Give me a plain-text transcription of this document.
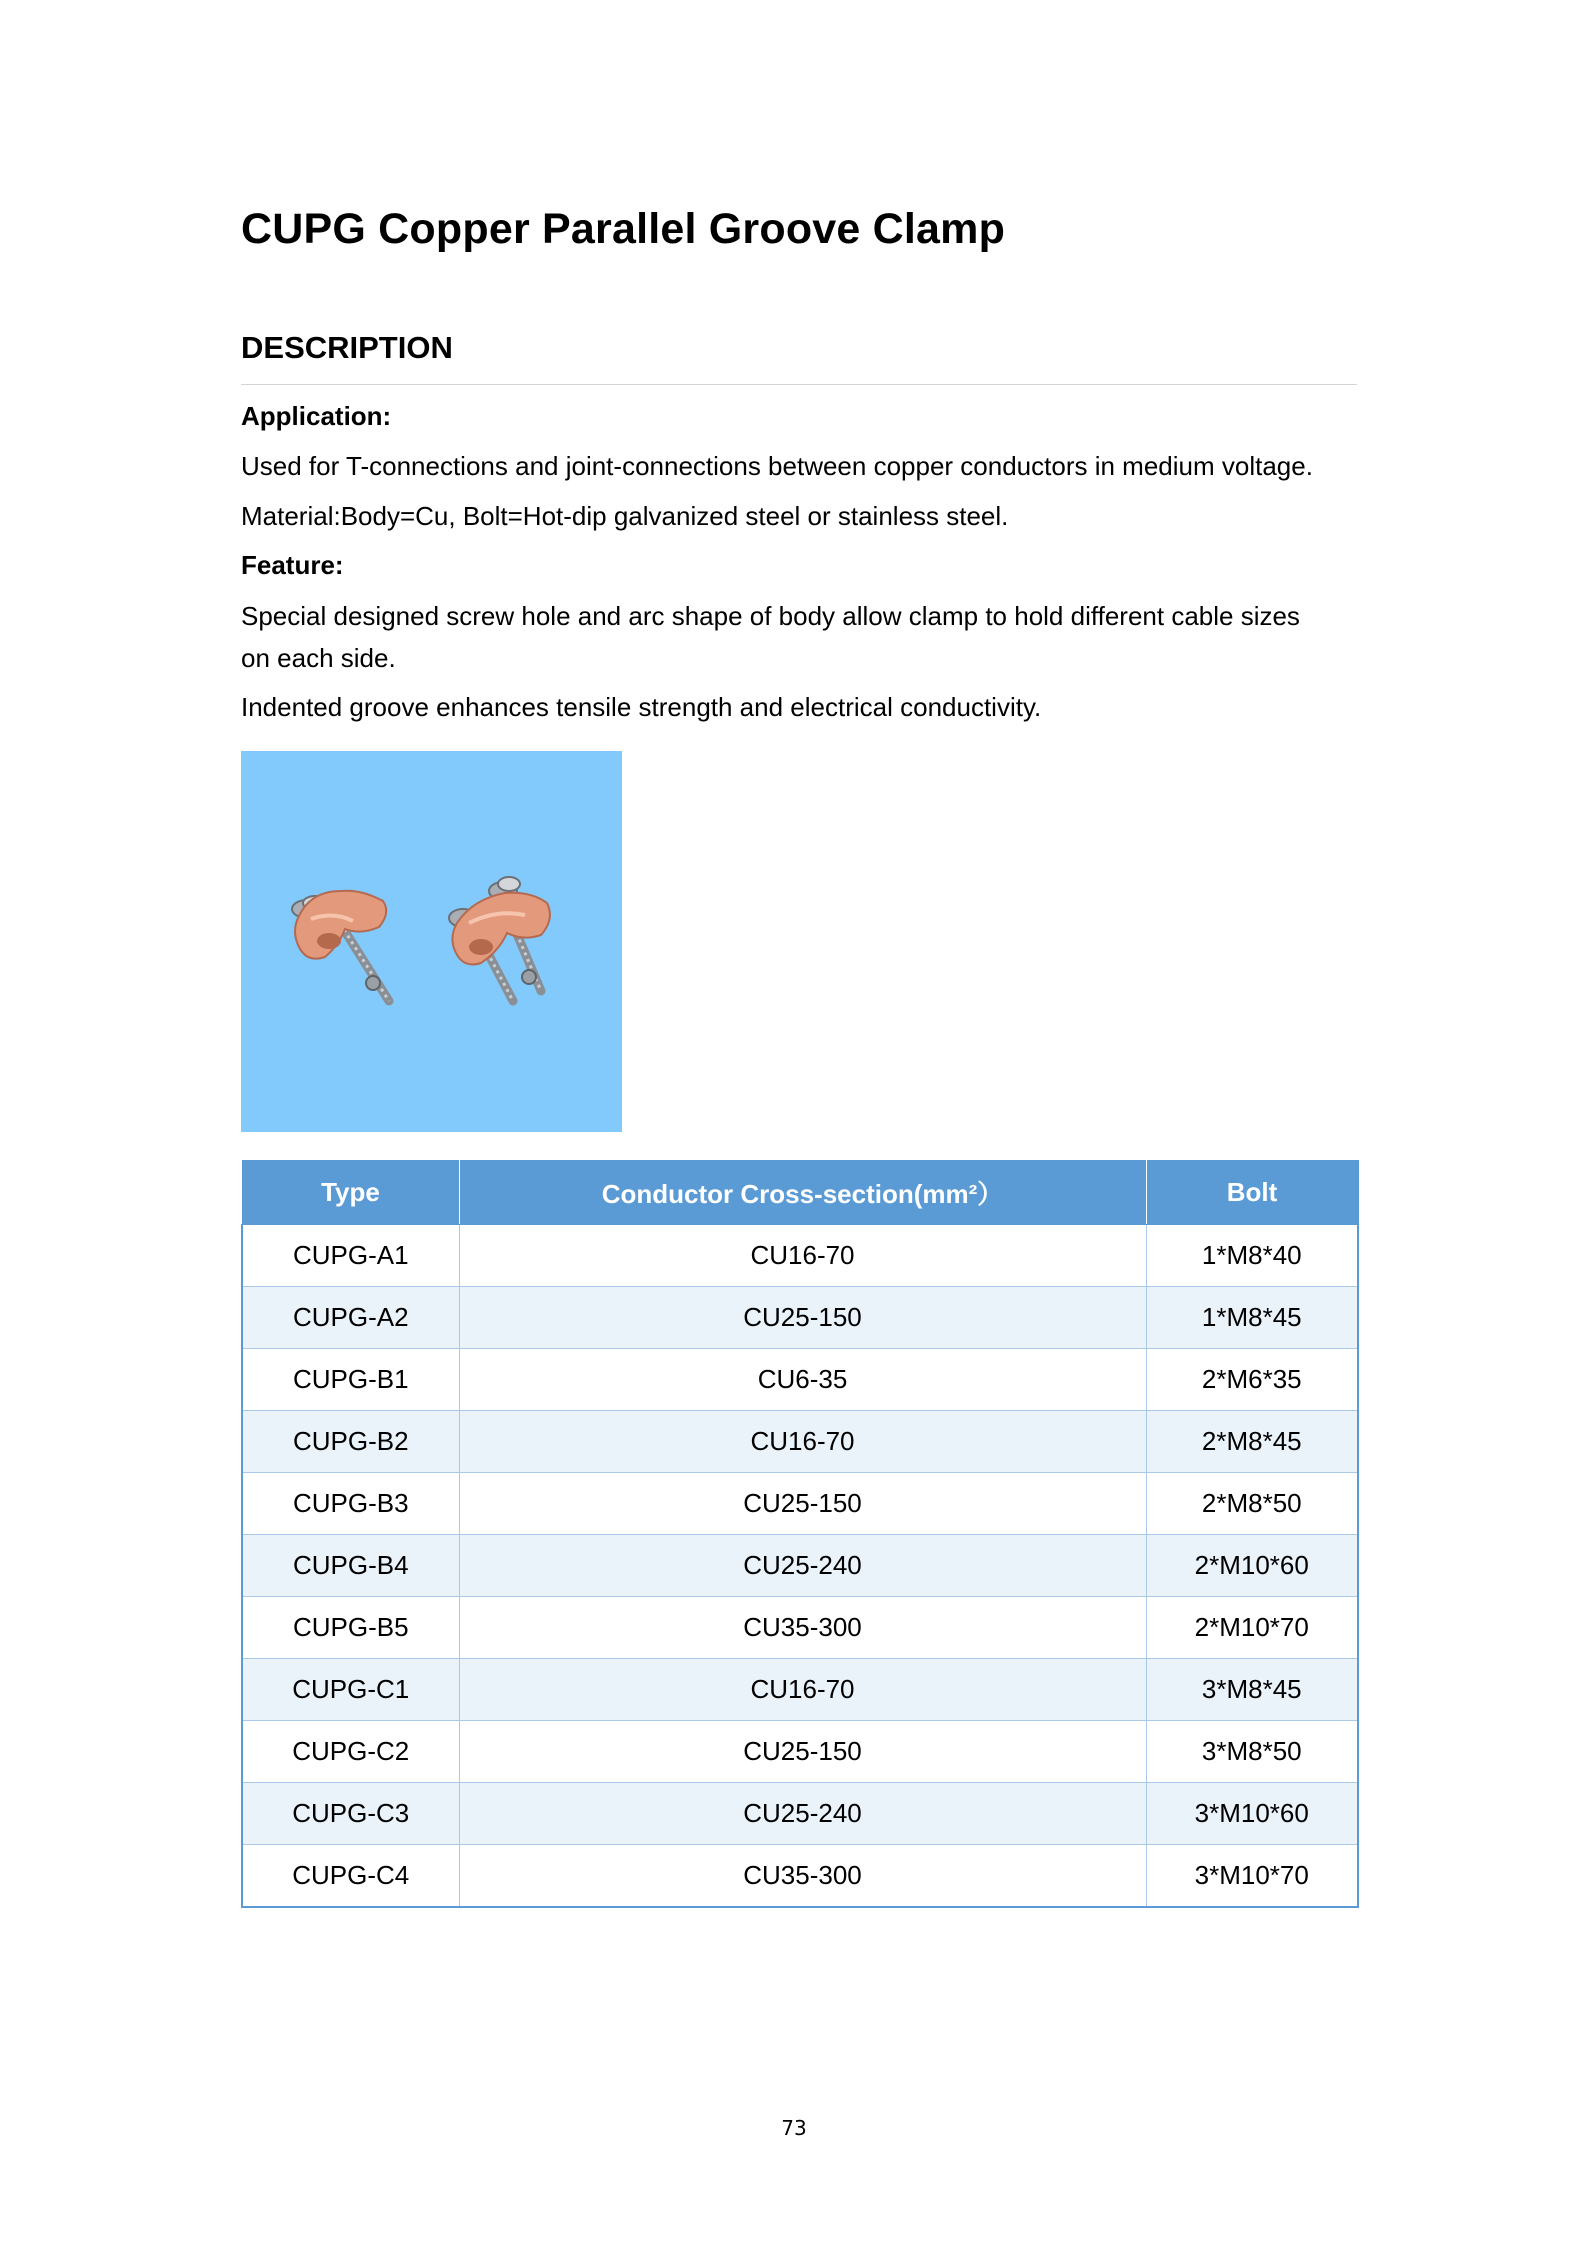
CUPG Copper Parallel Groove Clamp
DESCRIPTION

Application:

Used for T-connections and joint-connections between copper conductors in medium voltage.

Material:Body=Cu, Bolt=Hot-dip galvanized steel or stainless steel.

Feature:

Special designed screw hole and arc shape of body allow clamp to hold different cable sizes on each side.

Indented groove enhances tensile strength and electrical conductivity.

Type	Conductor Cross-section(mm²）	Bolt
CUPG-A1	CU16-70	1*M8*40
CUPG-A2	CU25-150	1*M8*45
CUPG-B1	CU6-35	2*M6*35
CUPG-B2	CU16-70	2*M8*45
CUPG-B3	CU25-150	2*M8*50
CUPG-B4	CU25-240	2*M10*60
CUPG-B5	CU35-300	2*M10*70
CUPG-C1	CU16-70	3*M8*45
CUPG-C2	CU25-150	3*M8*50
CUPG-C3	CU25-240	3*M10*60
CUPG-C4	CU35-300	3*M10*70
73
